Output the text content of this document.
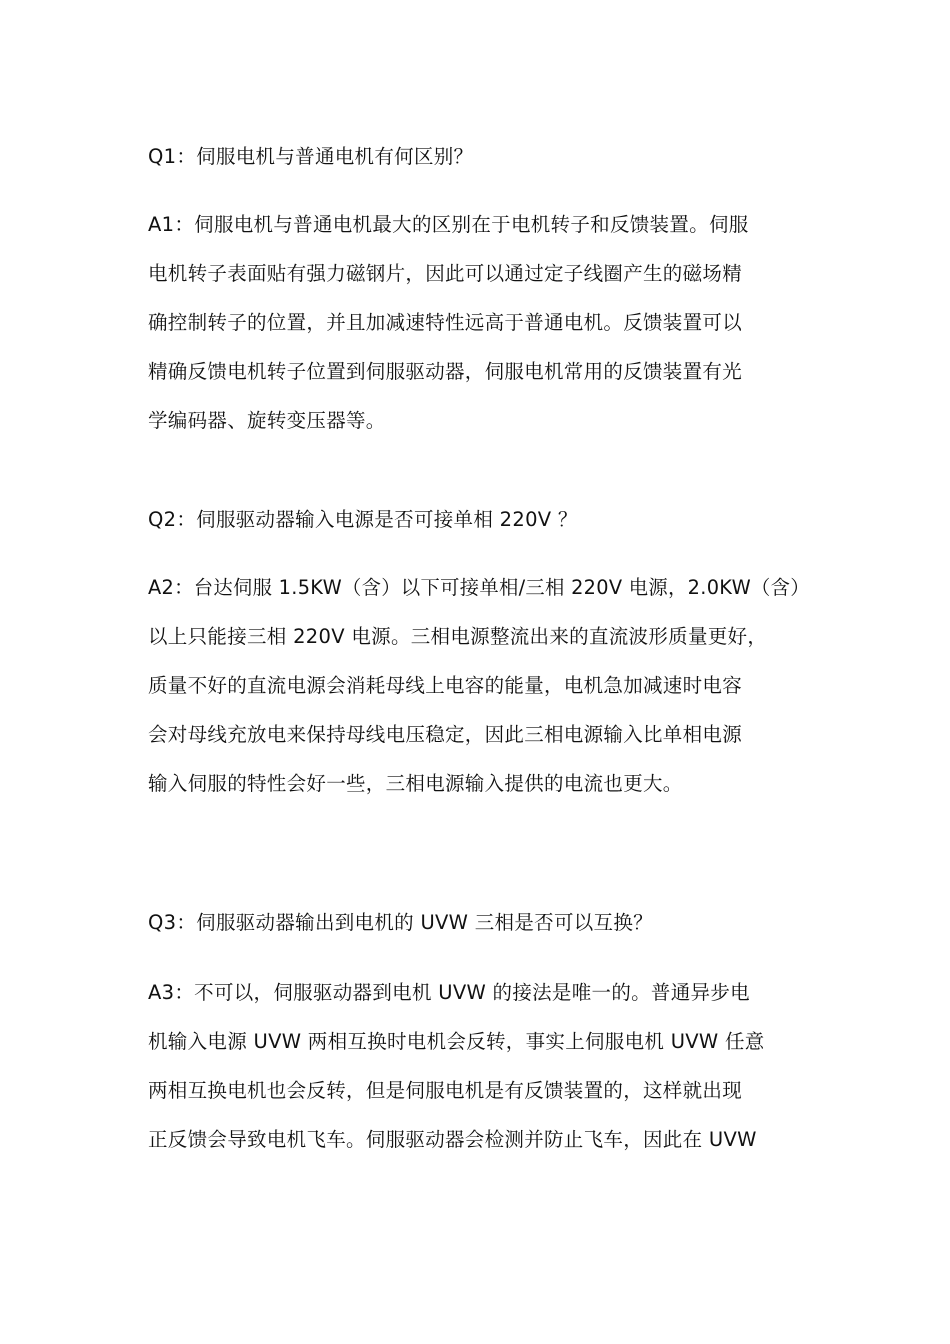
Q1：伺服电机与普通电机有何区别？
A1：伺服电机与普通电机最大的区别在于电机转子和反馈装置。伺服
电机转子表面贴有强力磁钢片，因此可以通过定子线圈产生的磁场精
确控制转子的位置，并且加减速特性远高于普通电机。反馈装置可以
精确反馈电机转子位置到伺服驱动器，伺服电机常用的反馈装置有光
学编码器、旋转变压器等。
Q2：伺服驱动器输入电源是否可接单相 220V ？
A2：台达伺服 1.5KW（含）以下可接单相/三相 220V 电源，2.0KW（含）
以上只能接三相 220V 电源。三相电源整流出来的直流波形质量更好，
质量不好的直流电源会消耗母线上电容的能量，电机急加减速时电容
会对母线充放电来保持母线电压稳定，因此三相电源输入比单相电源
输入伺服的特性会好一些，三相电源输入提供的电流也更大。
Q3：伺服驱动器输出到电机的 UVW 三相是否可以互换？
A3：不可以，伺服驱动器到电机 UVW 的接法是唯一的。普通异步电
机输入电源 UVW 两相互换时电机会反转，事实上伺服电机 UVW 任意
两相互换电机也会反转，但是伺服电机是有反馈装置的，这样就出现
正反馈会导致电机飞车。伺服驱动器会检测并防止飞车，因此在 UVW
